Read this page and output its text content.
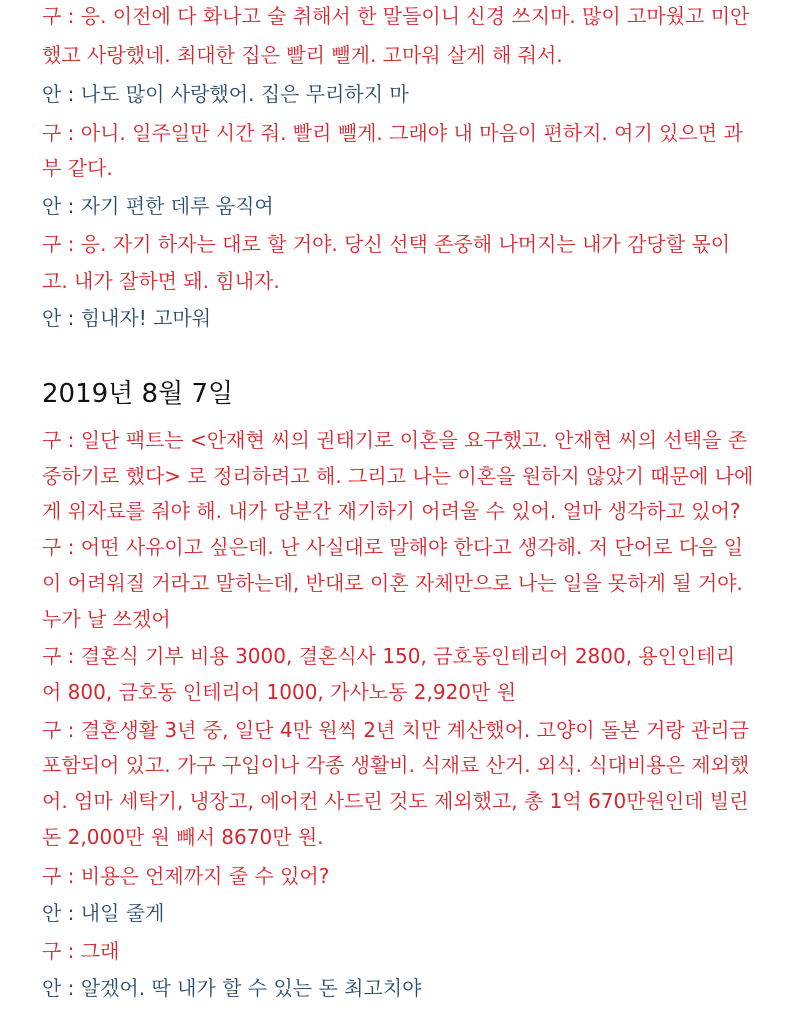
구 : 응. 이전에 다 화나고 술 취해서 한 말들이니 신경 쓰지마. 많이 고마웠고 미안
했고 사랑했네. 최대한 집은 빨리 뺄게. 고마워 살게 해 줘서.
안 : 나도 많이 사랑했어. 집은 무리하지 마
구 : 아니. 일주일만 시간 줘. 빨리 뺄게. 그래야 내 마음이 편하지. 여기 있으면 과
부 같다.
안 : 자기 편한 데루 움직여
구 : 응. 자기 하자는 대로 할 거야. 당신 선택 존중해 나머지는 내가 감당할 몫이
고. 내가 잘하면 돼. 힘내자.
안 : 힘내자! 고마워
2019년 8월 7일
구 : 일단 팩트는 <안재현 씨의 권태기로 이혼을 요구했고. 안재현 씨의 선택을 존
중하기로 했다> 로 정리하려고 해. 그리고 나는 이혼을 원하지 않았기 때문에 나에
게 위자료를 줘야 해. 내가 당분간 재기하기 어려울 수 있어. 얼마 생각하고 있어?
구 : 어떤 사유이고 싶은데. 난 사실대로 말해야 한다고 생각해. 저 단어로 다음 일
이 어려워질 거라고 말하는데, 반대로 이혼 자체만으로 나는 일을 못하게 될 거야.
누가 날 쓰겠어
구 : 결혼식 기부 비용 3000, 결혼식사 150, 금호동인테리어 2800, 용인인테리
어 800, 금호동 인테리어 1000, 가사노동 2,920만 원
구 : 결혼생활 3년 중, 일단 4만 원씩 2년 치만 계산했어. 고양이 돌본 거랑 관리금
포함되어 있고. 가구 구입이나 각종 생활비. 식재료 산거. 외식. 식대비용은 제외했
어. 엄마 세탁기, 냉장고, 에어컨 사드린 것도 제외했고, 총 1억 670만원인데 빌린
돈 2,000만 원 빼서 8670만 원.
구 : 비용은 언제까지 줄 수 있어?
안 : 내일 줄게
구 : 그래
안 : 알겠어. 딱 내가 할 수 있는 돈 최고치야
